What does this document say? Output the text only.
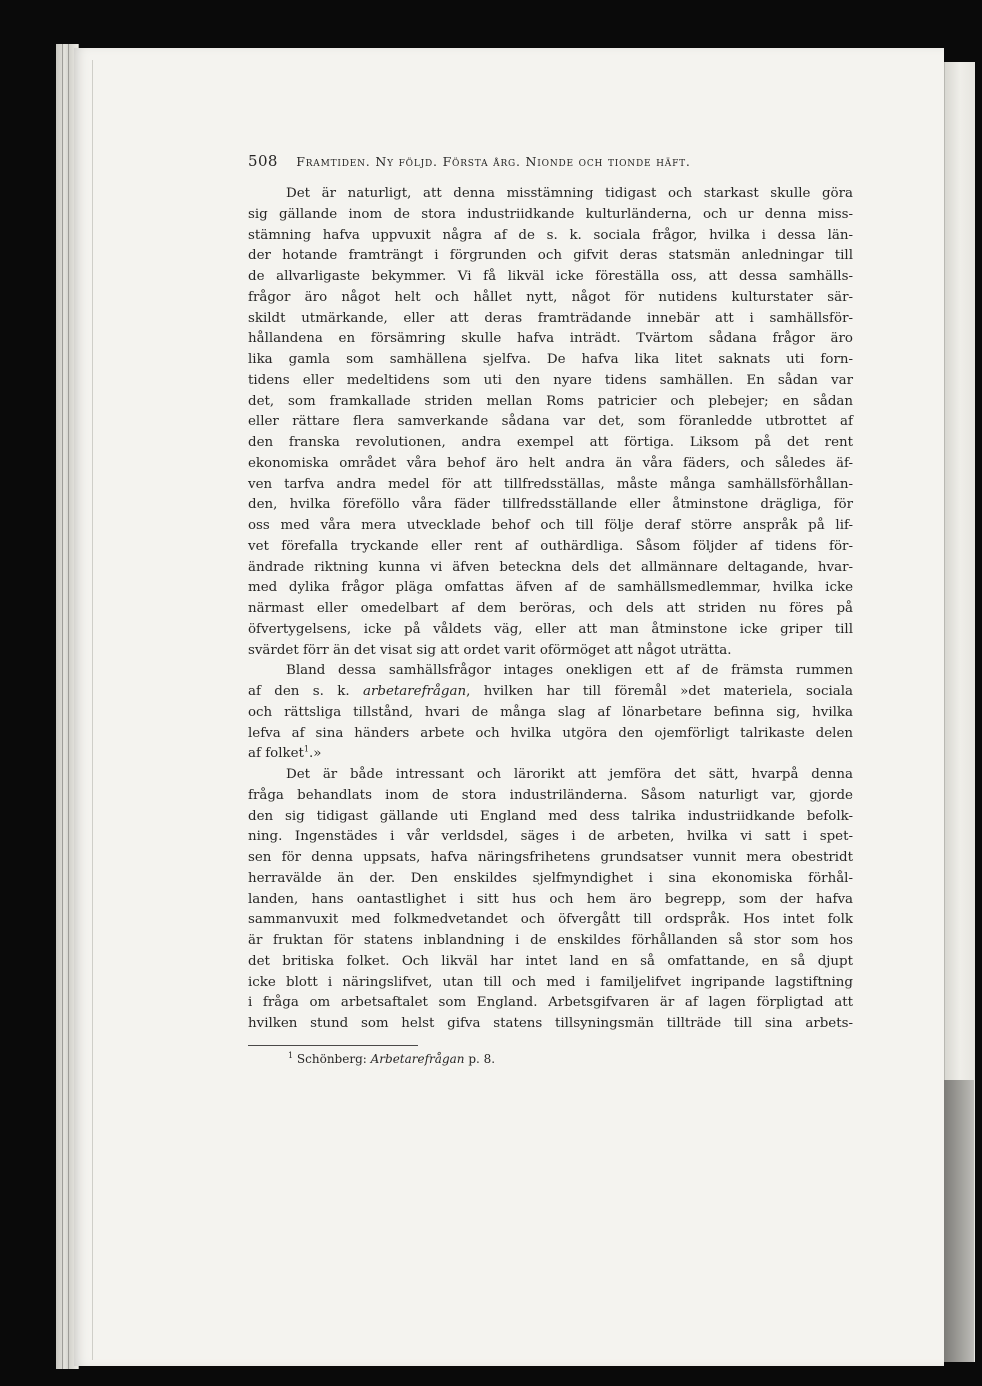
508 Framtiden. Ny följd. Första årg. Nionde och tionde häft.
Det är naturligt, att denna misstämning tidigast och starkast skulle göra
sig gällande inom de stora industriidkande kulturländerna, och ur denna miss-
stämning hafva uppvuxit några af de s. k. sociala frågor, hvilka i dessa län-
der hotande framträngt i förgrunden och gifvit deras statsmän anledningar till
de allvarligaste bekymmer. Vi få likväl icke föreställa oss, att dessa samhälls-
frågor äro något helt och hållet nytt, något för nutidens kulturstater sär-
skildt utmärkande, eller att deras framträdande innebär att i samhällsför-
hållandena en försämring skulle hafva inträdt. Tvärtom sådana frågor äro
lika gamla som samhällena sjelfva. De hafva lika litet saknats uti forn-
tidens eller medeltidens som uti den nyare tidens samhällen. En sådan var
det, som framkallade striden mellan Roms patricier och plebejer; en sådan
eller rättare flera samverkande sådana var det, som föranledde utbrottet af
den franska revolutionen, andra exempel att förtiga. Liksom på det rent
ekonomiska området våra behof äro helt andra än våra fäders, och således äf-
ven tarfva andra medel för att tillfredsställas, måste många samhällsförhållan-
den, hvilka föreföllo våra fäder tillfredsställande eller åtminstone drägliga, för
oss med våra mera utvecklade behof och till följe deraf större anspråk på lif-
vet förefalla tryckande eller rent af outhärdliga. Såsom följder af tidens för-
ändrade riktning kunna vi äfven beteckna dels det allmännare deltagande, hvar-
med dylika frågor pläga omfattas äfven af de samhällsmedlemmar, hvilka icke
närmast eller omedelbart af dem beröras, och dels att striden nu föres på
öfvertygelsens, icke på våldets väg, eller att man åtminstone icke griper till
svärdet förr än det visat sig att ordet varit oförmöget att något uträtta.
Bland dessa samhällsfrågor intages onekligen ett af de främsta rummen
af den s. k. arbetarefrågan, hvilken har till föremål »det materiela, sociala
och rättsliga tillstånd, hvari de många slag af lönarbetare befinna sig, hvilka
lefva af sina händers arbete och hvilka utgöra den ojemförligt talrikaste delen
af folket$^1$.»
Det är både intressant och lärorikt att jemföra det sätt, hvarpå denna
fråga behandlats inom de stora industriländerna. Såsom naturligt var, gjorde
den sig tidigast gällande uti England med dess talrika industriidkande befolk-
ning. Ingenstädes i vår verldsdel, säges i de arbeten, hvilka vi satt i spet-
sen för denna uppsats, hafva näringsfrihetens grundsatser vunnit mera obestridt
herravälde än der. Den enskildes sjelfmyndighet i sina ekonomiska förhål-
landen, hans oantastlighet i sitt hus och hem äro begrepp, som der hafva
sammanvuxit med folkmedvetandet och öfvergått till ordspråk. Hos intet folk
är fruktan för statens inblandning i de enskildes förhållanden så stor som hos
det britiska folket. Och likväl har intet land en så omfattande, en så djupt
icke blott i näringslifvet, utan till och med i familjelifvet ingripande lagstiftning
i fråga om arbetsaftalet som England. Arbetsgifvaren är af lagen förpligtad att
hvilken stund som helst gifva statens tillsyningsmän tillträde till sina arbets-
$^1$ Schönberg: Arbetarefrågan p. 8.
